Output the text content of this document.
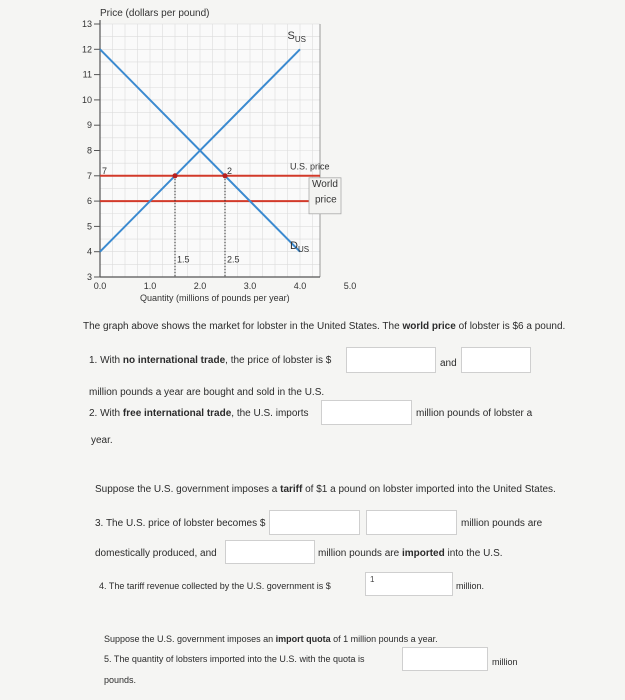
3
4
5
6
7
8
9
10
11
12
13
0.0	1.0	2.0	3.0	4.0	5.0
Price (dollars per pound)
Quantity (millions of pounds per year)
$S_{US}$
$D_{US}$
U.S. price
World
price
7
1.5	2.5
2
The graph above shows the market for lobster in the United States. The world price of lobster is $6 a pound.
1. With no international trade, the price of lobster is $	and
million pounds a year are bought and sold in the U.S.
2. With free international trade, the U.S. imports	million pounds of lobster a
year.
Suppose the U.S. government imposes a tariff of $1 a pound on lobster imported into the United States.
3. The U.S. price of lobster becomes $	million pounds are
domestically produced, and	million pounds are imported into the U.S.
4. The tariff revenue collected by the U.S. government is $
1
million.
Suppose the U.S. government imposes an import quota of 1 million pounds a year.
5. The quantity of lobsters imported into the U.S. with the quota is	million
pounds.
